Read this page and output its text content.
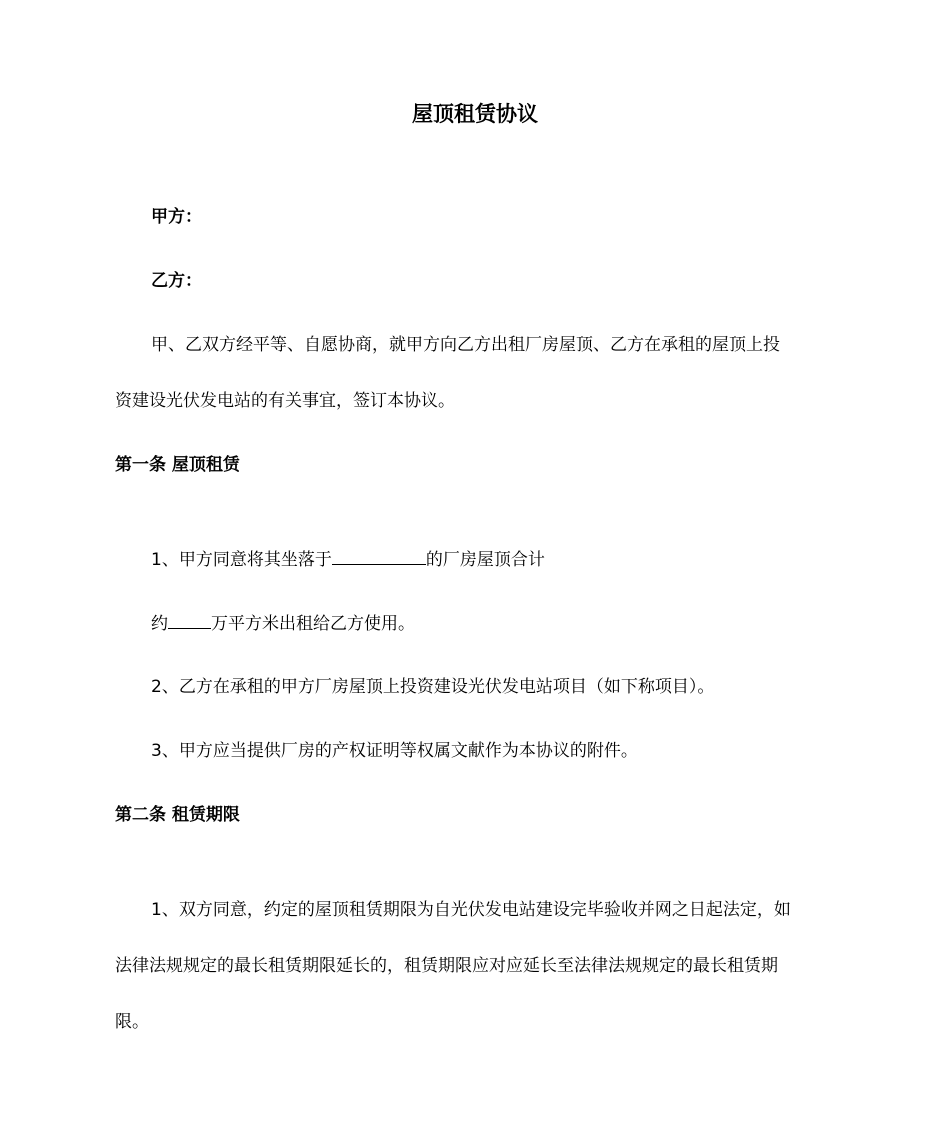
屋顶租赁协议
甲方：
乙方：
甲、乙双方经平等、自愿协商，就甲方向乙方出租厂房屋顶、乙方在承租的屋顶上投
资建设光伏发电站的有关事宜，签订本协议。
第一条 屋顶租赁
1、甲方同意将其坐落于	的厂房屋顶合计
约	万平方米出租给乙方使用。
2、乙方在承租的甲方厂房屋顶上投资建设光伏发电站项目（如下称项目）。
3、甲方应当提供厂房的产权证明等权属文献作为本协议的附件。
第二条 租赁期限
1、双方同意，约定的屋顶租赁期限为自光伏发电站建设完毕验收并网之日起法定，如
法律法规规定的最长租赁期限延长的，租赁期限应对应延长至法律法规规定的最长租赁期
限。
